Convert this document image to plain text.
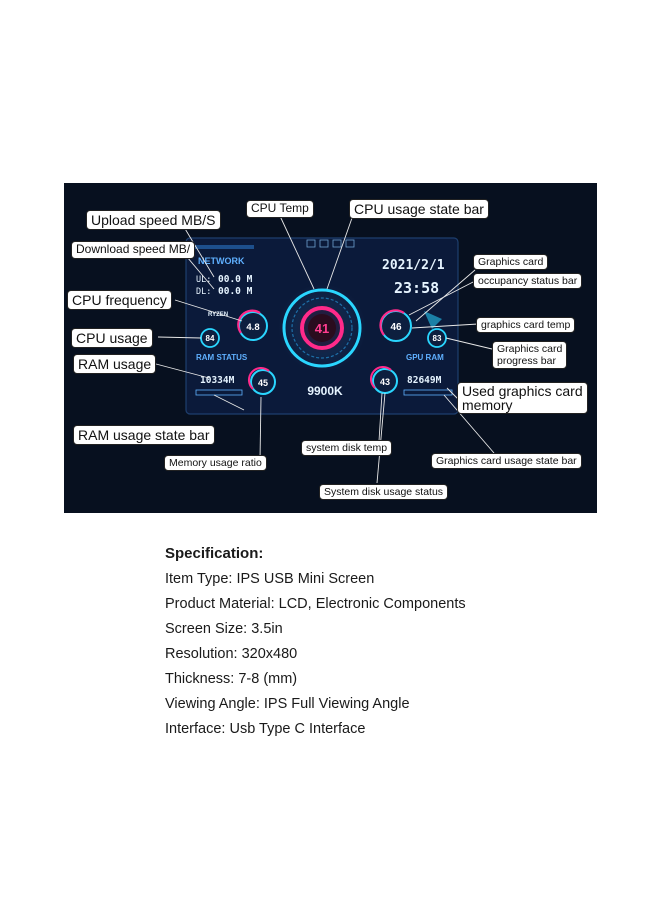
NETWORK
UL: 00.0 M
DL: 00.0 M
4.8
RYZEN
84
41
2021/2/1
23:58
46
83
RAM STATUS
10334M	45
9900K
43
GPU RAM
82649M
Upload speed MB/S
Download speed MB/
CPU frequency
CPU usage
RAM usage
RAM usage state bar
Memory usage ratio
CPU Temp	CPU usage state bar
Graphics card
occupancy status bar
graphics card temp
Graphics card
progress bar
Used graphics card
memory
Graphics card usage state bar
system disk temp
System disk usage status
Specification:
Item Type: IPS USB Mini Screen
Product Material: LCD, Electronic Components
Screen Size: 3.5in
Resolution: 320x480
Thickness: 7-8 (mm)
Viewing Angle: IPS Full Viewing Angle
Interface: Usb Type C Interface
